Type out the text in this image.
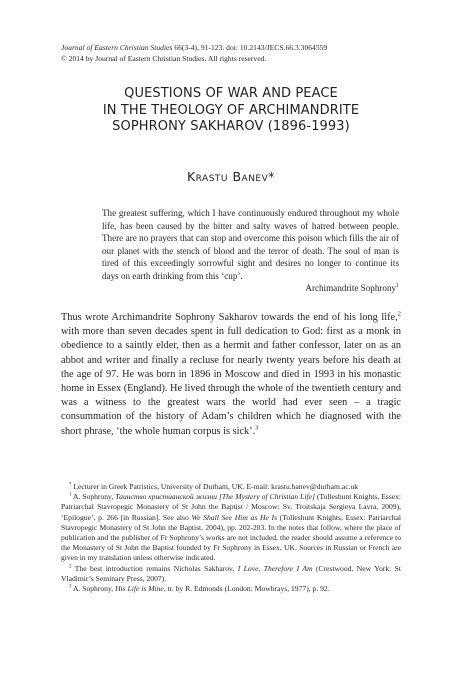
Journal of Eastern Christian Studies 66(3-4), 91-123. doi: 10.2143/JECS.66.3.3064559
© 2014 by Journal of Eastern Christian Studies. All rights reserved.
QUESTIONS OF WAR AND PEACE
IN THE THEOLOGY OF ARCHIMANDRITE
SOPHRONY SAKHAROV (1896-1993)
Krastu Banev*
The greatest suffering, which I have continuously endured throughout my whole life, has been caused by the bitter and salty waves of hatred between people. There are no prayers that can stop and overcome this poison which fills the air of our planet with the stench of blood and the terror of death. The soul of man is tired of this exceedingly sorrowful sight and desires no longer to continue its days on earth drinking from this ‘cup’.
Archimandrite Sophrony$^1$
Thus wrote Archimandrite Sophrony Sakharov towards the end of his long life,$^2$ with more than seven decades spent in full dedication to God: first as a monk in obedience to a saintly elder, then as a hermit and father confessor, later on as an abbot and writer and finally a recluse for nearly twenty years before his death at the age of 97. He was born in 1896 in Moscow and died in 1993 in his monastic home in Essex (England). He lived through the whole of the twentieth century and was a witness to the greatest wars the world had ever seen – a tragic consummation of the history of Adam’s children which he diagnosed with the short phrase, ‘the whole human corpus is sick’.$^3$

* Lecturer in Greek Patristics, University of Durham, UK. E-mail: krastu.banev@durham.ac.uk

$^1$ A. Sophrony, Таинство христианской жизни [The Mystery of Christian Life] (Tolleshunt Knights, Essex: Patriarchal Stavropegic Monastery of St John the Baptist / Moscow: Sv. Troitskaja Sergieva Lavra, 2009), ‘Epilogue’, p. 266 [in Russian]. See also We Shall See Him as He Is (Tolleshunt Knights, Essex: Patriarchal Stavropegic Monastery of St John the Baptist, 2004), pp. 202-203. In the notes that follow, where the place of publication and the publisher of Fr Sophrony’s works are not included, the reader should assume a reference to the Monastery of St John the Baptist founded by Fr Sophrony in Essex, UK. Sources in Russian or French are given in my translation unless otherwise indicated.

$^2$ The best introduction remains Nicholas Sakharov, I Love, Therefore I Am (Crestwood, New York: St Vladimir’s Seminary Press, 2007).

$^3$ A. Sophrony, His Life is Mine, tr. by R. Edmonds (London: Mowbrays, 1977), p. 92.
